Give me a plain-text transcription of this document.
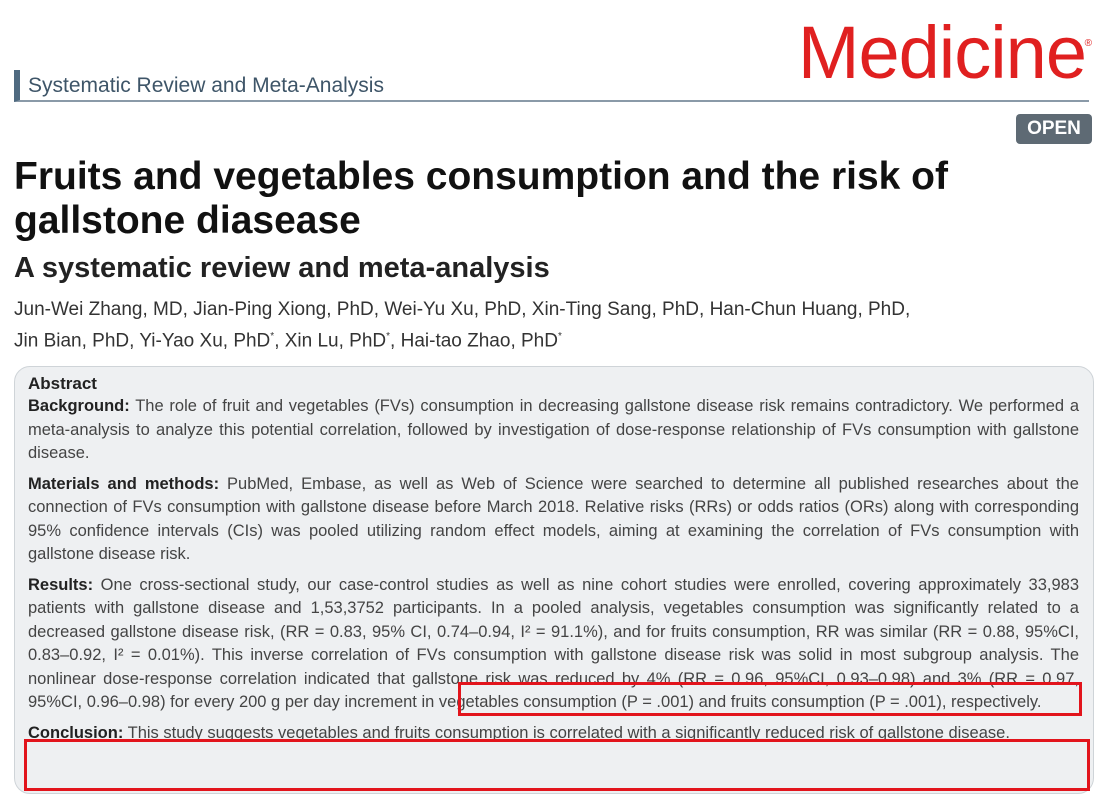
Systematic Review and Meta-Analysis	Medicine
®
OPEN
Fruits and vegetables consumption and the risk of gallstone diasease
A systematic review and meta-analysis
Jun-Wei Zhang, MD, Jian-Ping Xiong, PhD, Wei-Yu Xu, PhD, Xin-Ting Sang, PhD, Han-Chun Huang, PhD,
Jin Bian, PhD, Yi-Yao Xu, PhD*, Xin Lu, PhD*, Hai-tao Zhao, PhD*

Abstract

Background: The role of fruit and vegetables (FVs) consumption in decreasing gallstone disease risk remains contradictory. We performed a meta-analysis to analyze this potential correlation, followed by investigation of dose-response relationship of FVs consumption with gallstone disease.

Materials and methods: PubMed, Embase, as well as Web of Science were searched to determine all published researches about the connection of FVs consumption with gallstone disease before March 2018. Relative risks (RRs) or odds ratios (ORs) along with corresponding 95% confidence intervals (CIs) was pooled utilizing random effect models, aiming at examining the correlation of FVs consumption with gallstone disease risk.

Results: One cross-sectional study, our case-control studies as well as nine cohort studies were enrolled, covering approximately 33,983 patients with gallstone disease and 1,53,3752 participants. In a pooled analysis, vegetables consumption was significantly related to a decreased gallstone disease risk, (RR = 0.83, 95% CI, 0.74–0.94, I² = 91.1%), and for fruits consumption, RR was similar (RR = 0.88, 95%CI, 0.83–0.92, I² = 0.01%). This inverse correlation of FVs consumption with gallstone disease risk was solid in most subgroup analysis. The nonlinear dose-response correlation indicated that gallstone risk was reduced by 4% (RR = 0.96, 95%CI, 0.93–0.98) and 3% (RR = 0.97, 95%CI, 0.96–0.98) for every 200 g per day increment in vegetables consumption (P = .001) and fruits consumption (P = .001), respectively.

Conclusion: This study suggests vegetables and fruits consumption is correlated with a significantly reduced risk of gallstone disease.
